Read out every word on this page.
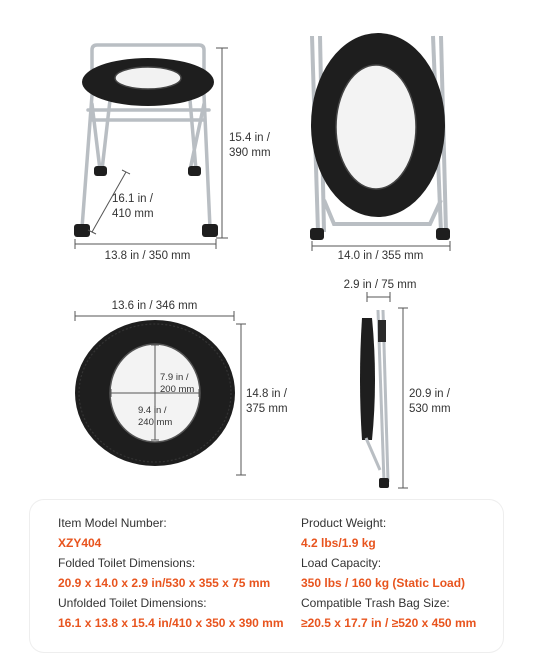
15.4 in /
390 mm
16.1 in /
410 mm
13.8 in / 350 mm	14.0 in / 355 mm
13.6 in / 346 mm
14.8 in /
375 mm
7.9 in /
200 mm
9.4 in /
240 mm
2.9 in / 75 mm
20.9 in /
530 mm
Item Model Number:
XZY404
Folded Toilet Dimensions:
20.9 x 14.0 x 2.9 in/530 x 355 x 75 mm
Unfolded Toilet Dimensions:
16.1 x 13.8 x 15.4 in/410 x 350 x 390 mm
Product Weight:
4.2 lbs/1.9 kg
Load Capacity:
350 lbs / 160 kg (Static Load)
Compatible Trash Bag Size:
≥20.5 x 17.7 in / ≥520 x 450 mm
